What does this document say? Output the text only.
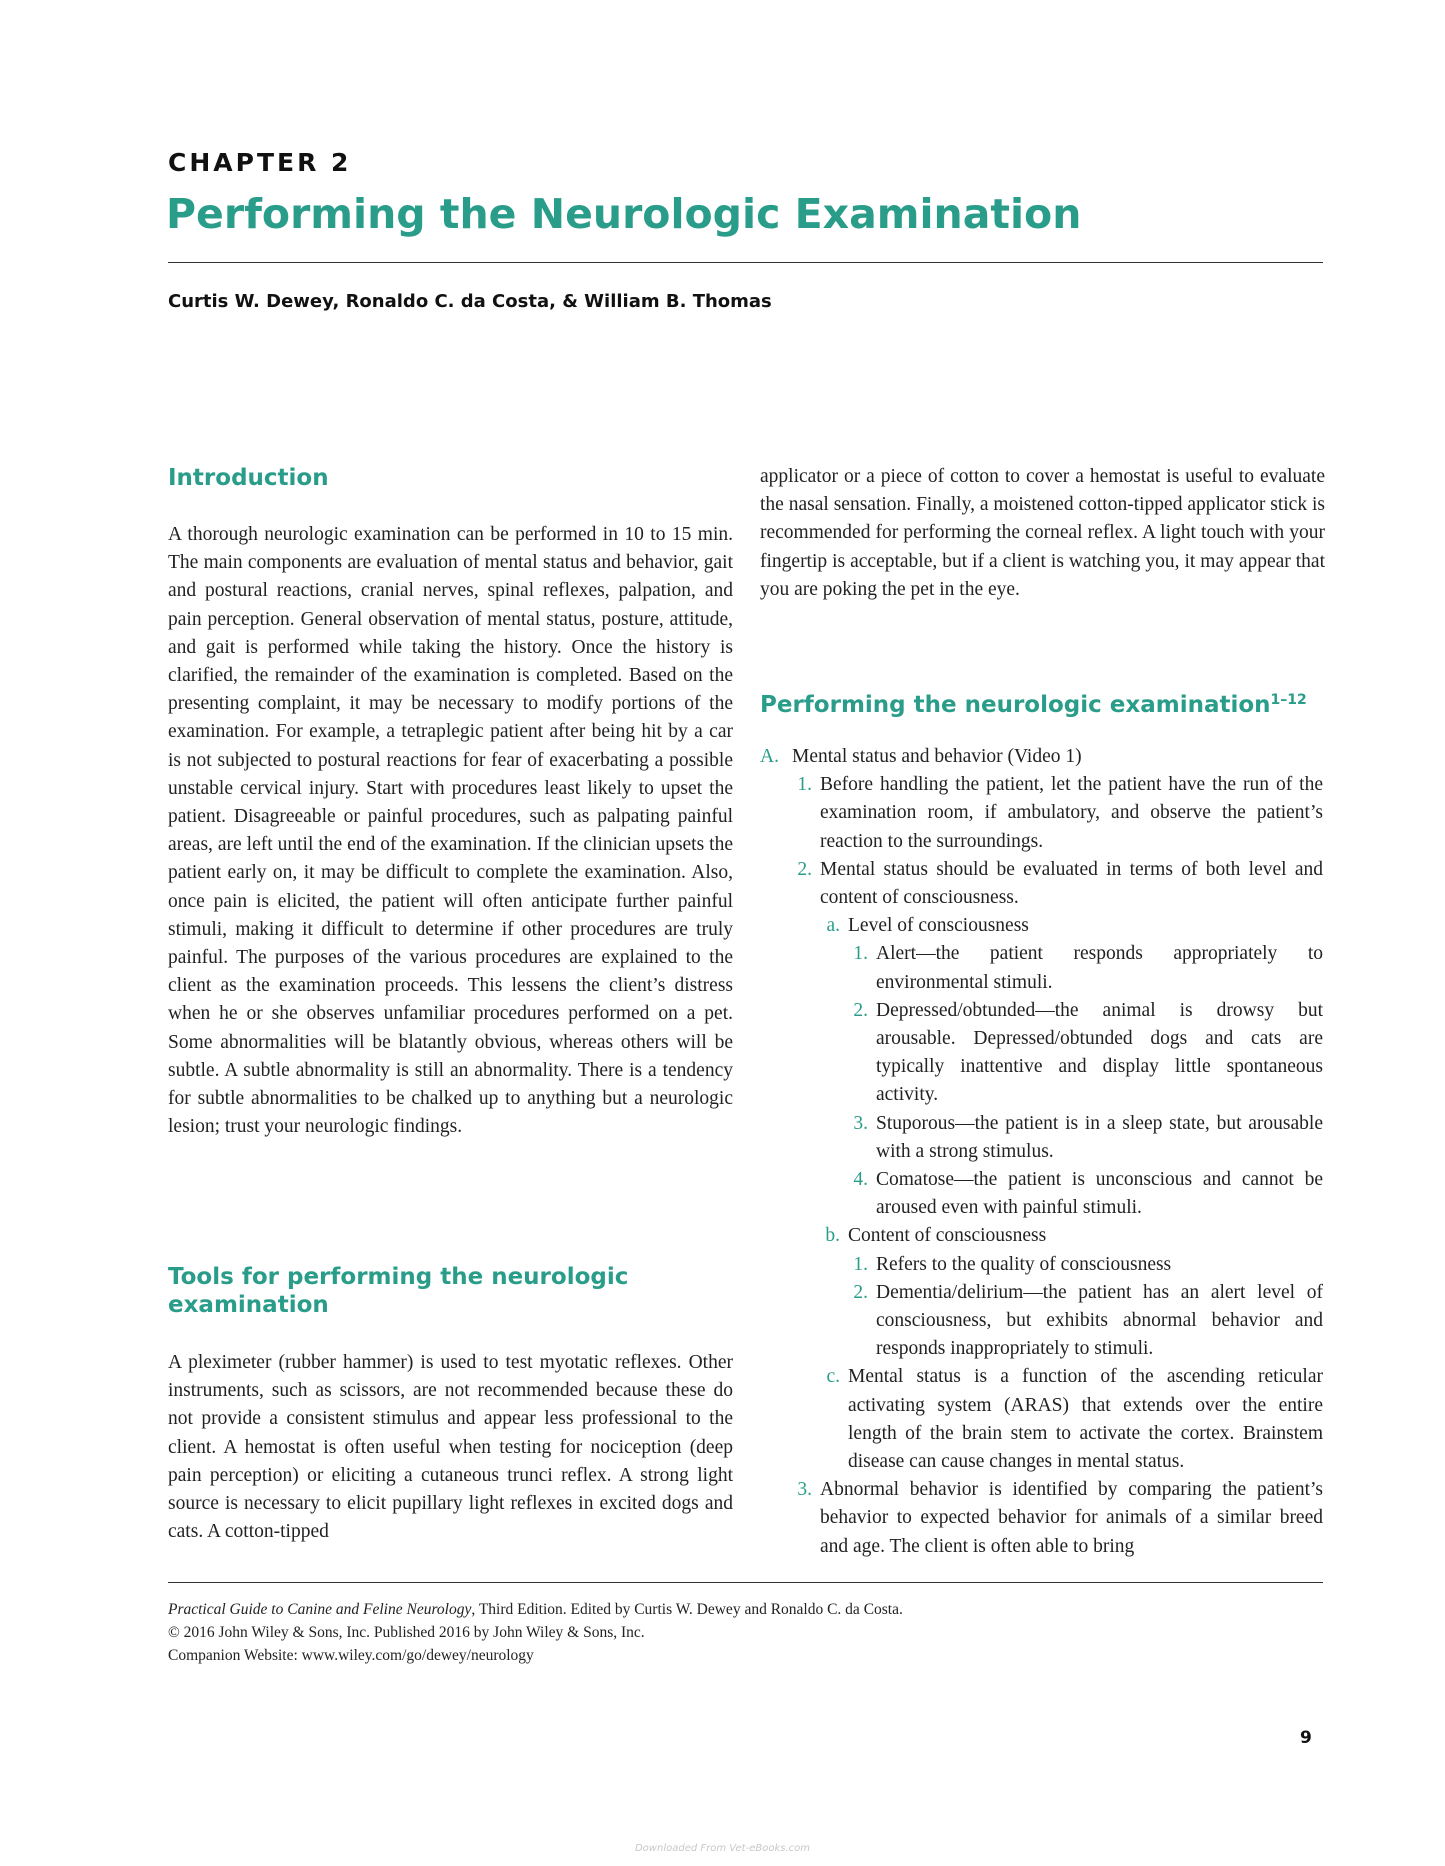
CHAPTER 2
Performing the Neurologic Examination
Curtis W. Dewey, Ronaldo C. da Costa, & William B. Thomas
Introduction

A thorough neurologic examination can be performed in 10 to 15 min. The main components are evaluation of mental status and behavior, gait and postural reactions, cranial nerves, spinal reflexes, palpation, and pain perception. General observation of mental status, posture, attitude, and gait is performed while taking the history. Once the history is clarified, the remainder of the examination is completed. Based on the presenting complaint, it may be necessary to modify portions of the examination. For example, a tetraplegic patient after being hit by a car is not subjected to postural reactions for fear of exacerbating a possible unstable cervical injury. Start with procedures least likely to upset the patient. Disagreeable or painful procedures, such as palpating painful areas, are left until the end of the examination. If the clinician upsets the patient early on, it may be difficult to complete the examination. Also, once pain is elicited, the patient will often anticipate further painful stimuli, making it difficult to determine if other procedures are truly painful. The purposes of the various procedures are explained to the client as the examination proceeds. This lessens the client’s distress when he or she observes unfamiliar procedures performed on a pet. Some abnormalities will be blatantly obvious, whereas others will be subtle. A subtle abnormality is still an abnormality. There is a tendency for subtle abnormalities to be chalked up to anything but a neurologic lesion; trust your neurologic findings.

Tools for performing the neurologic
examination

A pleximeter (rubber hammer) is used to test myotatic reflexes. Other instruments, such as scissors, are not recommended because these do not provide a consistent stimulus and appear less professional to the client. A hemostat is often useful when testing for nociception (deep pain perception) or eliciting a cutaneous trunci reflex. A strong light source is necessary to elicit pupillary light reflexes in excited dogs and cats. A cotton-tipped

applicator or a piece of cotton to cover a hemostat is useful to evaluate the nasal sensation. Finally, a moistened cotton-tipped applicator stick is recommended for performing the corneal reflex. A light touch with your fingertip is acceptable, but if a client is watching you, it may appear that you are poking the pet in the eye.

Performing the neurologic examination$^{1-12}$
A. Mental status and behavior (Video 1)
1. Before handling the patient, let the patient have the run of the examination room, if ambulatory, and observe the patient’s reaction to the surroundings.
2. Mental status should be evaluated in terms of both level and content of consciousness.
a. Level of consciousness
1. Alert—the patient responds appropriately to environmental stimuli.
2. Depressed/obtunded—the animal is drowsy but arousable. Depressed/obtunded dogs and cats are typically inattentive and display little spontaneous activity.
3. Stuporous—the patient is in a sleep state, but arousable with a strong stimulus.
4. Comatose—the patient is unconscious and cannot be aroused even with painful stimuli.
b. Content of consciousness
1. Refers to the quality of consciousness
2. Dementia/delirium—the patient has an alert level of consciousness, but exhibits abnormal behavior and responds inappropriately to stimuli.
c. Mental status is a function of the ascending reticular activating system (ARAS) that extends over the entire length of the brain stem to activate the cortex. Brainstem disease can cause changes in mental status.
3. Abnormal behavior is identified by comparing the patient’s behavior to expected behavior for animals of a similar breed and age. The client is often able to bring
Practical Guide to Canine and Feline Neurology, Third Edition. Edited by Curtis W. Dewey and Ronaldo C. da Costa.
© 2016 John Wiley & Sons, Inc. Published 2016 by John Wiley & Sons, Inc.
Companion Website: www.wiley.com/go/dewey/neurology
9
Downloaded From Vet-eBooks.com
